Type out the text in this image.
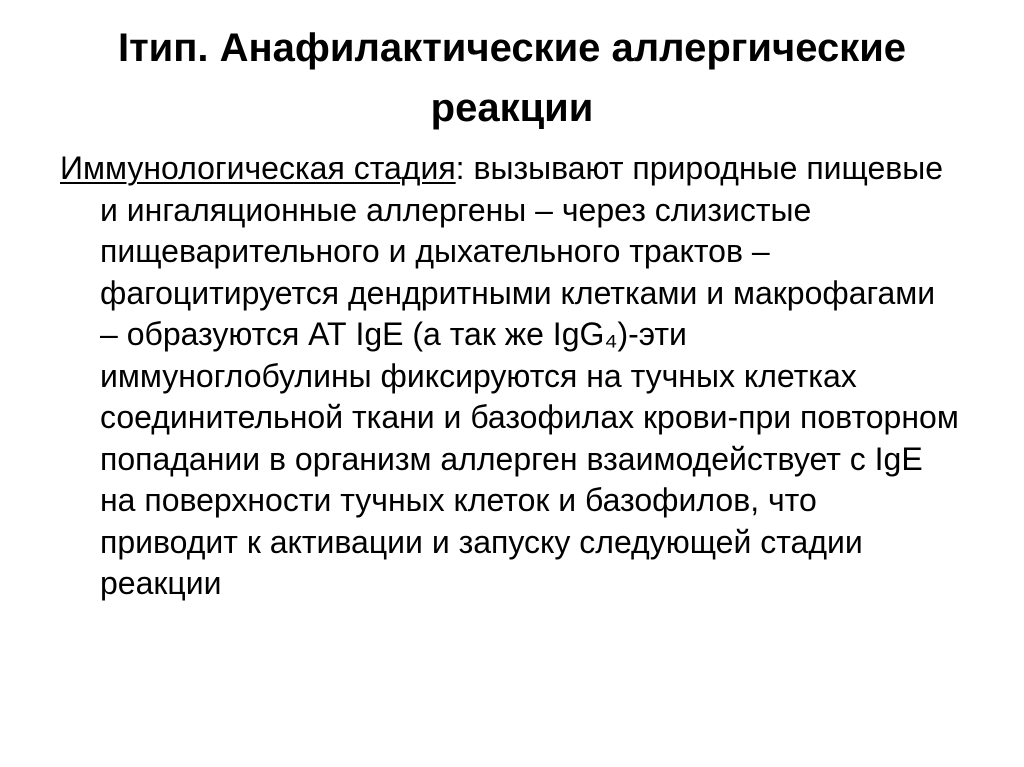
Iтип. Анафилактические аллергические реакции

Иммунологическая стадия: вызывают природные пищевые и ингаляционные аллергены – через слизистые пищеварительного и дыхательного трактов – фагоцитируется дендритными клетками и макрофагами – образуются АТ IgE (а так же IgG₄)-эти иммуноглобулины фиксируются на тучных клетках соединительной ткани и базофилах крови-при повторном попадании в организм аллерген взаимодействует с IgE на поверхности тучных клеток и базофилов, что приводит к активации и запуску следующей стадии реакции
